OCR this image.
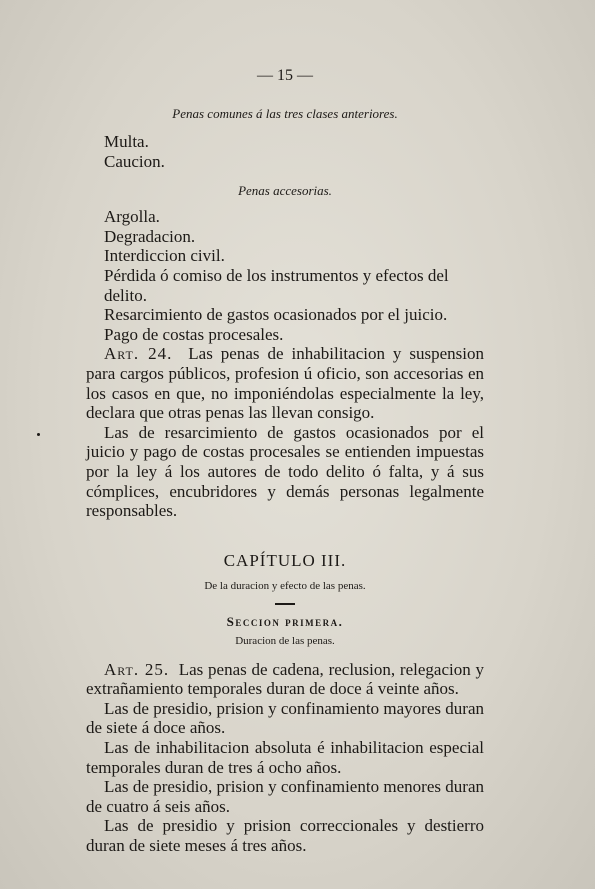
— 15 —
Penas comunes á las tres clases anteriores.
Multa.
Caucion.
Penas accesorias.
Argolla.
Degradacion.
Interdiccion civil.
Pérdida ó comiso de los instrumentos y efectos del delito.
Resarcimiento de gastos ocasionados por el juicio.
Pago de costas procesales.
Art. 24. Las penas de inhabilitacion y suspension para cargos públicos, profesion ú oficio, son accesorias en los casos en que, no imponiéndolas especialmente la ley, declara que otras penas las llevan consigo.
Las de resarcimiento de gastos ocasionados por el juicio y pago de costas procesales se entienden impuestas por la ley á los autores de todo delito ó falta, y á sus cómplices, encubridores y demás personas legalmente responsables.
CAPÍTULO III.
De la duracion y efecto de las penas.
Seccion primera.
Duracion de las penas.
Art. 25. Las penas de cadena, reclusion, relegacion y extrañamiento temporales duran de doce á veinte años.
Las de presidio, prision y confinamiento mayores duran de siete á doce años.
Las de inhabilitacion absoluta é inhabilitacion especial temporales duran de tres á ocho años.
Las de presidio, prision y confinamiento menores duran de cuatro á seis años.
Las de presidio y prision correccionales y destierro duran de siete meses á tres años.
